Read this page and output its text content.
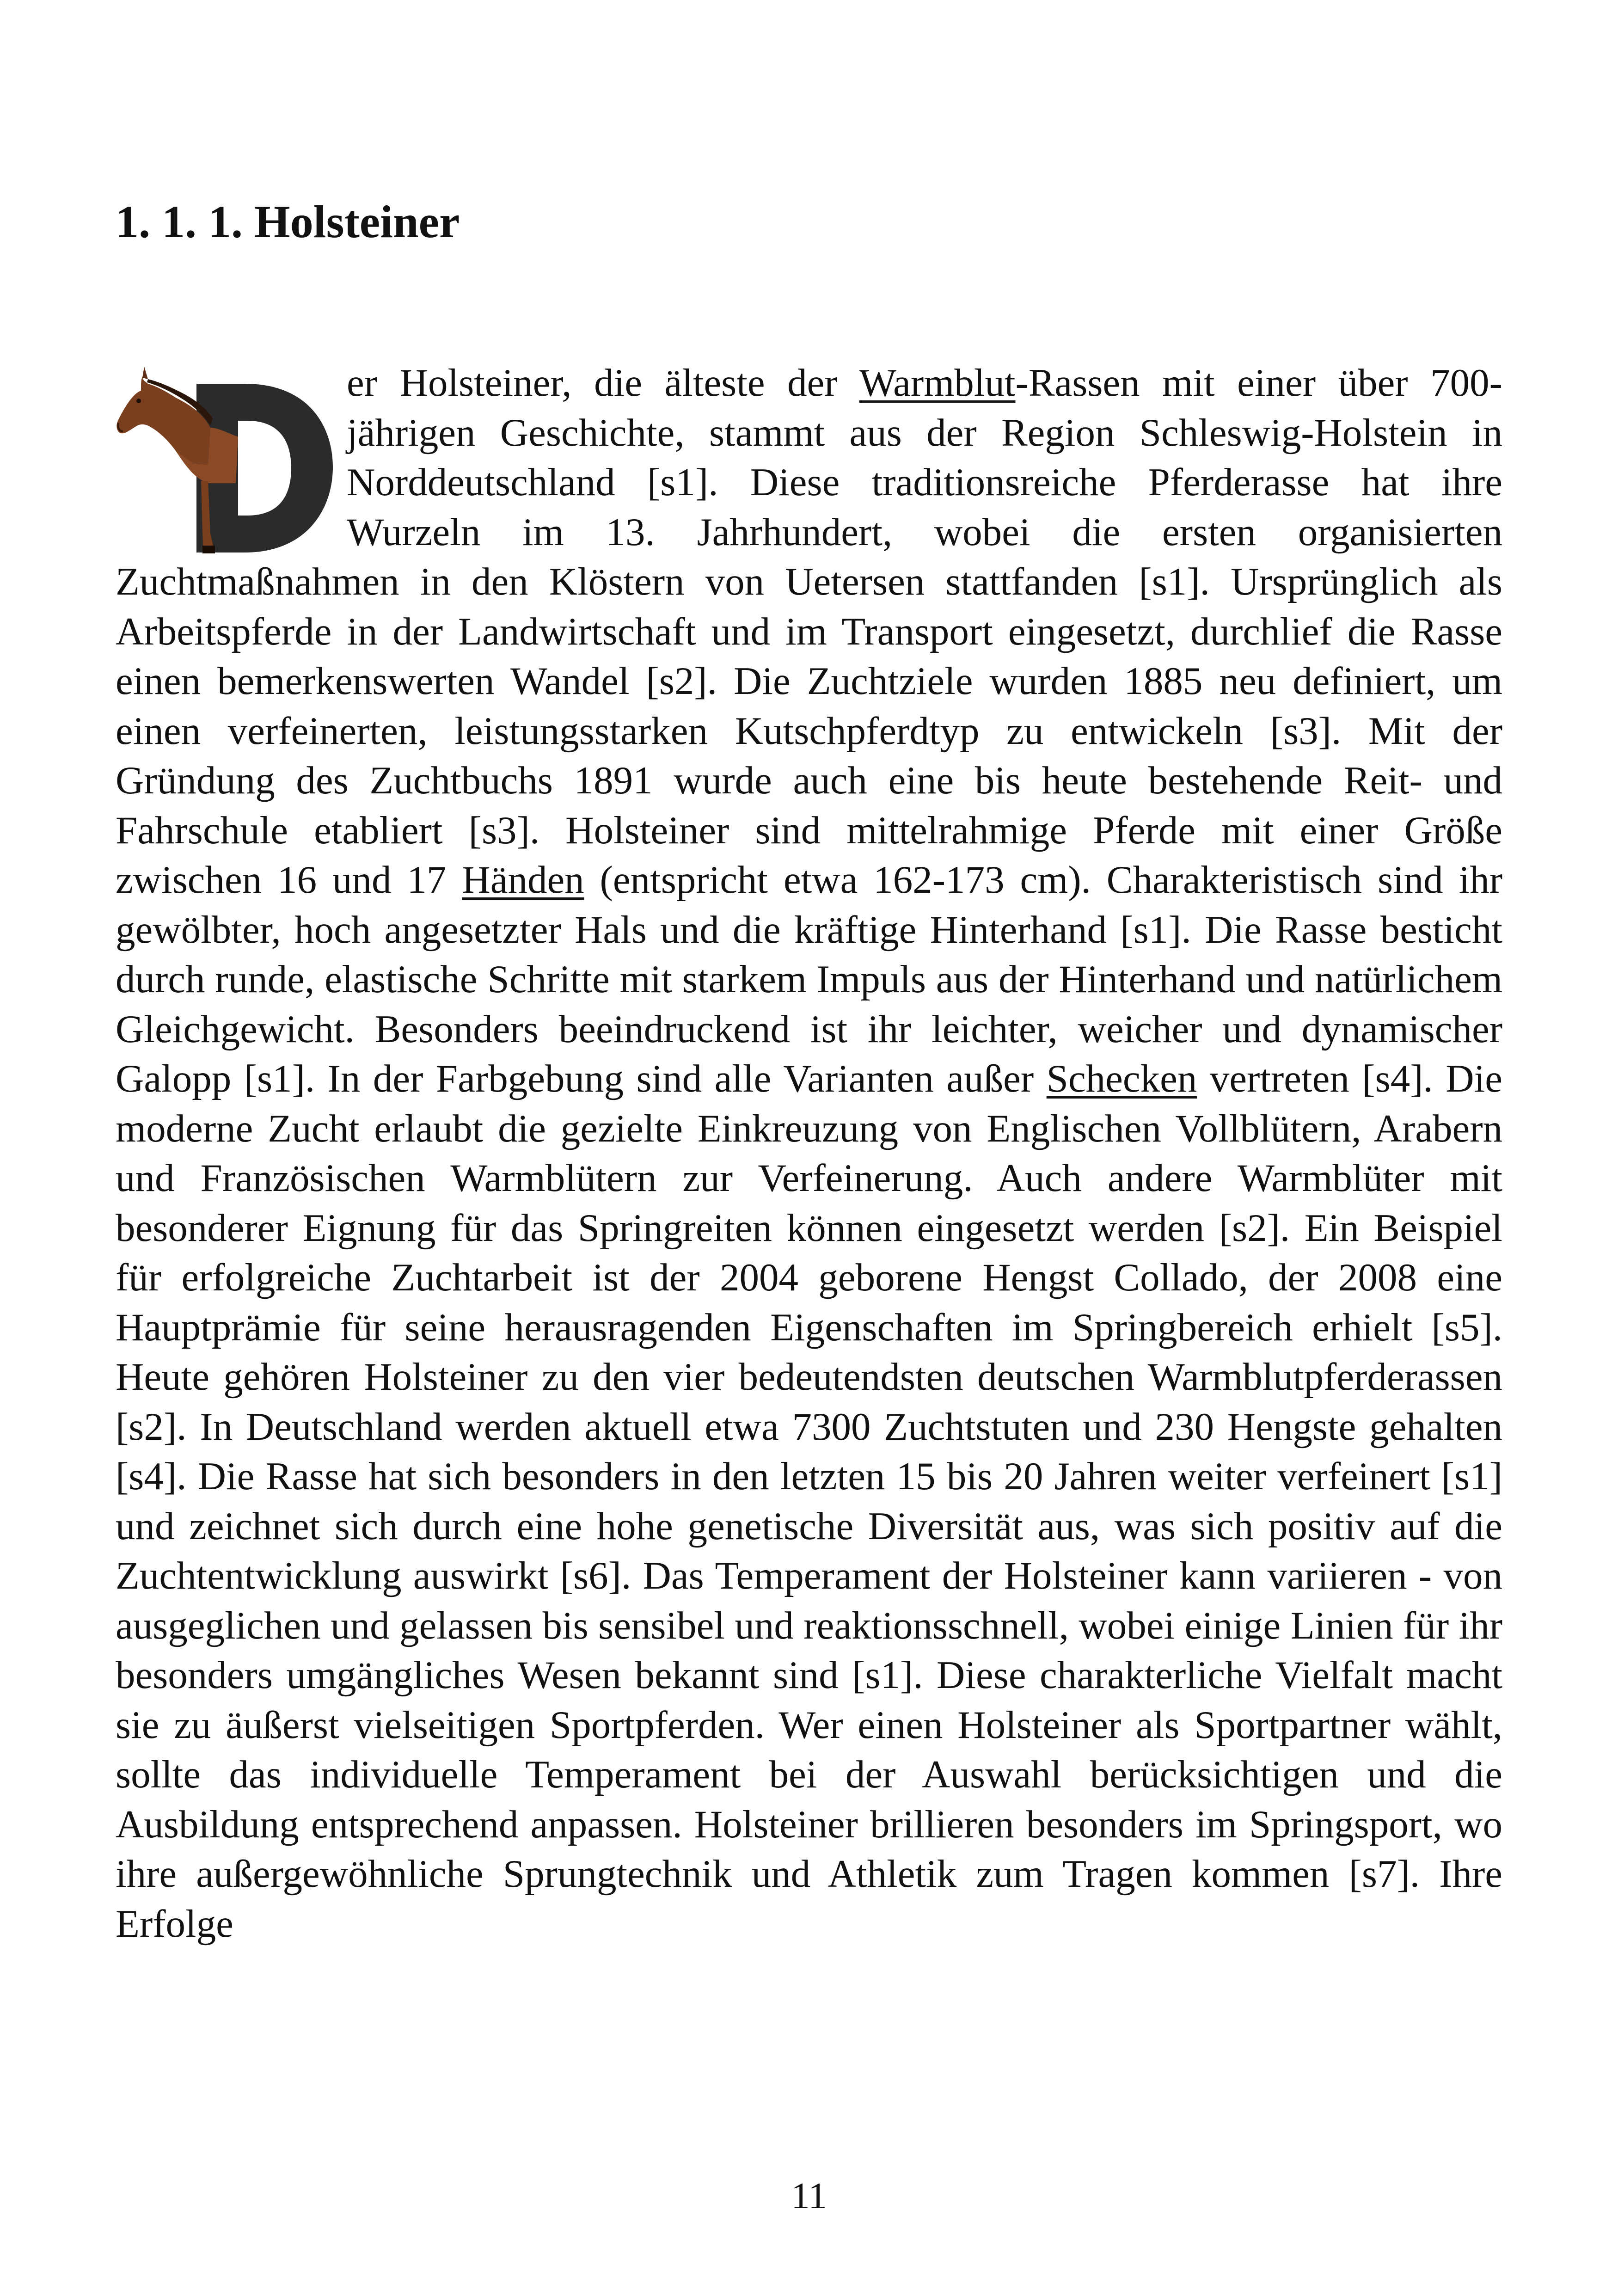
1. 1. 1. Holsteiner

er Holsteiner, die älteste der Warmblut-Rassen mit einer über 700-jährigen Geschichte, stammt aus der Region Schleswig-Holstein in Norddeutschland [s1]. Diese traditionsreiche Pferderasse hat ihre Wurzeln im 13. Jahrhundert, wobei die ersten organisierten Zuchtmaßnahmen in den Klöstern von Uetersen stattfanden [s1]. Ursprünglich als Arbeitspferde in der Landwirtschaft und im Transport eingesetzt, durchlief die Rasse einen bemerkenswerten Wandel [s2]. Die Zuchtziele wurden 1885 neu definiert, um einen verfeinerten, leistungsstarken Kutschpferdtyp zu entwickeln [s3]. Mit der Gründung des Zuchtbuchs 1891 wurde auch eine bis heute bestehende Reit- und Fahrschule etabliert [s3]. Holsteiner sind mittelrahmige Pferde mit einer Größe zwischen 16 und 17 Händen (entspricht etwa 162-173 cm). Charakteristisch sind ihr gewölbter, hoch angesetzter Hals und die kräftige Hinterhand [s1]. Die Rasse besticht durch runde, elastische Schritte mit starkem Impuls aus der Hinterhand und natürlichem Gleichgewicht. Besonders beeindruckend ist ihr leichter, weicher und dynamischer Galopp [s1]. In der Farbgebung sind alle Varianten außer Schecken vertreten [s4]. Die moderne Zucht erlaubt die gezielte Einkreuzung von Englischen Vollblütern, Arabern und Französischen Warmblütern zur Verfeinerung. Auch andere Warmblüter mit besonderer Eignung für das Springreiten können eingesetzt werden [s2]. Ein Beispiel für erfolgreiche Zuchtarbeit ist der 2004 geborene Hengst Collado, der 2008 eine Hauptprämie für seine herausragenden Eigenschaften im Springbereich erhielt [s5]. Heute gehören Holsteiner zu den vier bedeutendsten deutschen Warmblutpferderassen [s2]. In Deutschland werden aktuell etwa 7300 Zuchtstuten und 230 Hengste gehalten [s4]. Die Rasse hat sich besonders in den letzten 15 bis 20 Jahren weiter verfeinert [s1] und zeichnet sich durch eine hohe genetische Diversität aus, was sich positiv auf die Zuchtentwicklung auswirkt [s6]. Das Temperament der Holsteiner kann variieren - von ausgeglichen und gelassen bis sensibel und reaktionsschnell, wobei einige Linien für ihr besonders umgängliches Wesen bekannt sind [s1]. Diese charakterliche Vielfalt macht sie zu äußerst vielseitigen Sportpferden. Wer einen Holsteiner als Sportpartner wählt, sollte das individuelle Temperament bei der Auswahl berücksichtigen und die Ausbildung entsprechend anpassen. Holsteiner brillieren besonders im Springsport, wo ihre außergewöhnliche Sprungtechnik und Athletik zum Tragen kommen [s7]. Ihre Erfolge

11
